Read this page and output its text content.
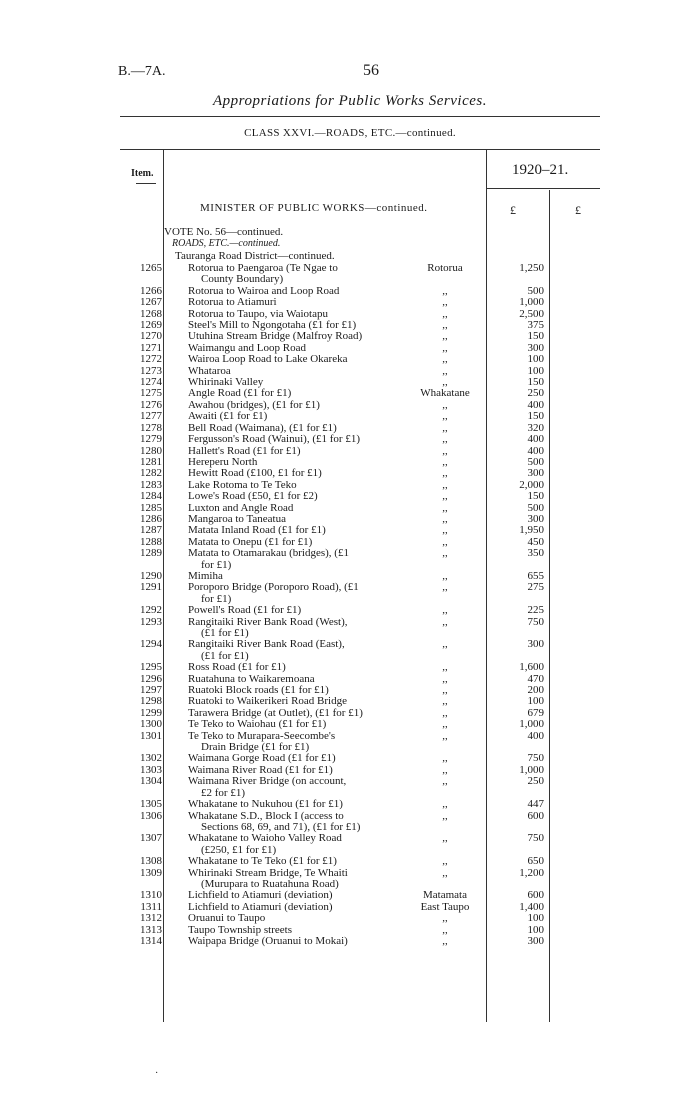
B.—7A.	56
Appropriations for Public Works Services.
CLASS XXVI.—ROADS, ETC.—continued.
Item.	1920–21.
MINISTER OF PUBLIC WORKS—continued.	£	£
VOTE No. 56—continued.
ROADS, ETC.—continued.
Tauranga Road District—continued.
1265 Rotorua to Paengaroa (Te Ngae to
County Boundary)
Rotorua	1,250
1266 Rotorua to Wairoa and Loop Road	,,	500
1267 Rotorua to Atiamuri	,,	1,000
1268 Rotorua to Taupo, via Waiotapu	,,	2,500
1269 Steel's Mill to Ngongotaha (£1 for £1)	,,	375
1270 Utuhina Stream Bridge (Malfroy Road)	,,	150
1271 Waimangu and Loop Road	,,	300
1272 Wairoa Loop Road to Lake Okareka	,,	100
1273 Whataroa	,,	100
1274 Whirinaki Valley	,,	150
1275 Angle Road (£1 for £1)	Whakatane	250
1276 Awahou (bridges), (£1 for £1)	,,	400
1277 Awaiti (£1 for £1)	,,	150
1278 Bell Road (Waimana), (£1 for £1)	,,	320
1279 Fergusson's Road (Wainui), (£1 for £1)	,,	400
1280 Hallett's Road (£1 for £1)	,,	400
1281 Hereperu North	,,	500
1282 Hewitt Road (£100, £1 for £1)	,,	300
1283 Lake Rotoma to Te Teko	,,	2,000
1284 Lowe's Road (£50, £1 for £2)	,,	150
1285 Luxton and Angle Road	,,	500
1286 Mangaroa to Taneatua	,,	300
1287 Matata Inland Road (£1 for £1)	,,	1,950
1288 Matata to Onepu (£1 for £1)	,,	450
1289 Matata to Otamarakau (bridges), (£1
for £1)
,,	350
1290 Mimiha	,,	655
1291 Poroporo Bridge (Poroporo Road), (£1
for £1)
,,	275
1292 Powell's Road (£1 for £1)	,,	225
1293 Rangitaiki River Bank Road (West),
(£1 for £1)
,,	750
1294 Rangitaiki River Bank Road (East),
(£1 for £1)
,,	300
1295 Ross Road (£1 for £1)	,,	1,600
1296 Ruatahuna to Waikaremoana	,,	470
1297 Ruatoki Block roads (£1 for £1)	,,	200
1298 Ruatoki to Waikerikeri Road Bridge	,,	100
1299 Tarawera Bridge (at Outlet), (£1 for £1)	,,	679
1300 Te Teko to Waiohau (£1 for £1)	,,	1,000
1301 Te Teko to Murapara-Seecombe's
Drain Bridge (£1 for £1)
,,	400
1302 Waimana Gorge Road (£1 for £1)	,,	750
1303 Waimana River Road (£1 for £1)	,,	1,000
1304 Waimana River Bridge (on account,
£2 for £1)
,,	250
1305 Whakatane to Nukuhou (£1 for £1)	,,	447
1306 Whakatane S.D., Block I (access to
Sections 68, 69, and 71), (£1 for £1)
,,	600
1307 Whakatane to Waioho Valley Road
(£250, £1 for £1)
,,	750
1308 Whakatane to Te Teko (£1 for £1)	,,	650
1309 Whirinaki Stream Bridge, Te Whaiti
(Murupara to Ruatahuna Road)
,,	1,200
1310 Lichfield to Atiamuri (deviation)	Matamata	600
1311 Lichfield to Atiamuri (deviation)	East Taupo	1,400
1312 Oruanui to Taupo	,,	100
1313 Taupo Township streets	,,	100
1314 Waipapa Bridge (Oruanui to Mokai)	,,	300
·
